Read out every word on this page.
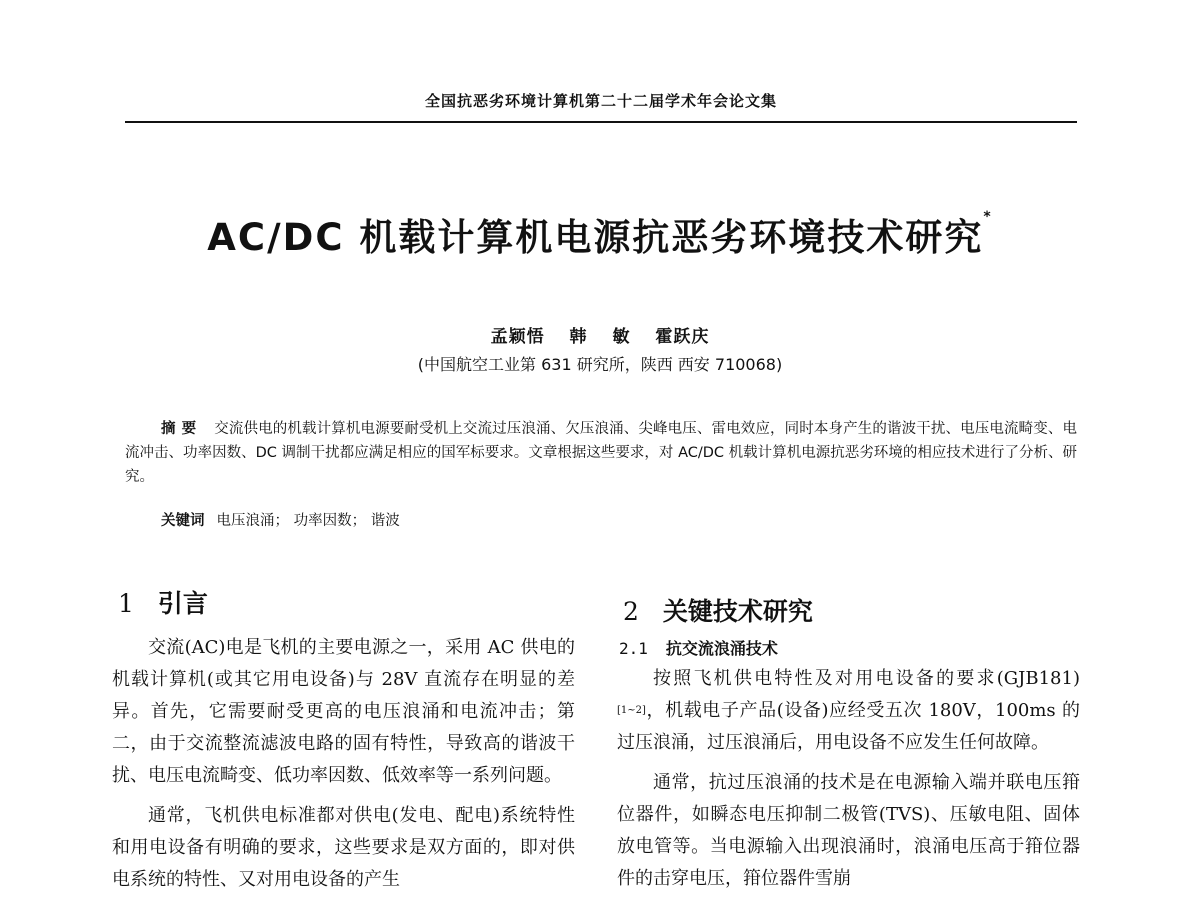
全国抗恶劣环境计算机第二十二届学术年会论文集
AC/DC 机载计算机电源抗恶劣环境技术研究*
孟颖悟 韩 敏 霍跃庆
(中国航空工业第 631 研究所，陕西 西安 710068)
摘要 交流供电的机载计算机电源要耐受机上交流过压浪涌、欠压浪涌、尖峰电压、雷电效应，同时本身产生的谐波干扰、电压电流畸变、电流冲击、功率因数、DC 调制干扰都应满足相应的国军标要求。文章根据这些要求，对 AC/DC 机载计算机电源抗恶劣环境的相应技术进行了分析、研究。
关键词 电压浪涌； 功率因数； 谐波
1 引言

交流(AC)电是飞机的主要电源之一，采用 AC 供电的机载计算机(或其它用电设备)与 28V 直流存在明显的差异。首先，它需要耐受更高的电压浪涌和电流冲击；第二，由于交流整流滤波电路的固有特性，导致高的谐波干扰、电压电流畸变、低功率因数、低效率等一系列问题。

通常，飞机供电标准都对供电(发电、配电)系统特性和用电设备有明确的要求，这些要求是双方面的，即对供电系统的特性、又对用电设备的产生

2 关键技术研究
2.1 抗交流浪涌技术

按照飞机供电特性及对用电设备的要求(GJB181)[1~2]，机载电子产品(设备)应经受五次 180V，100ms 的过压浪涌，过压浪涌后，用电设备不应发生任何故障。

通常，抗过压浪涌的技术是在电源输入端并联电压箝位器件，如瞬态电压抑制二极管(TVS)、压敏电阻、固体放电管等。当电源输入出现浪涌时，浪涌电压高于箝位器件的击穿电压，箝位器件雪崩
